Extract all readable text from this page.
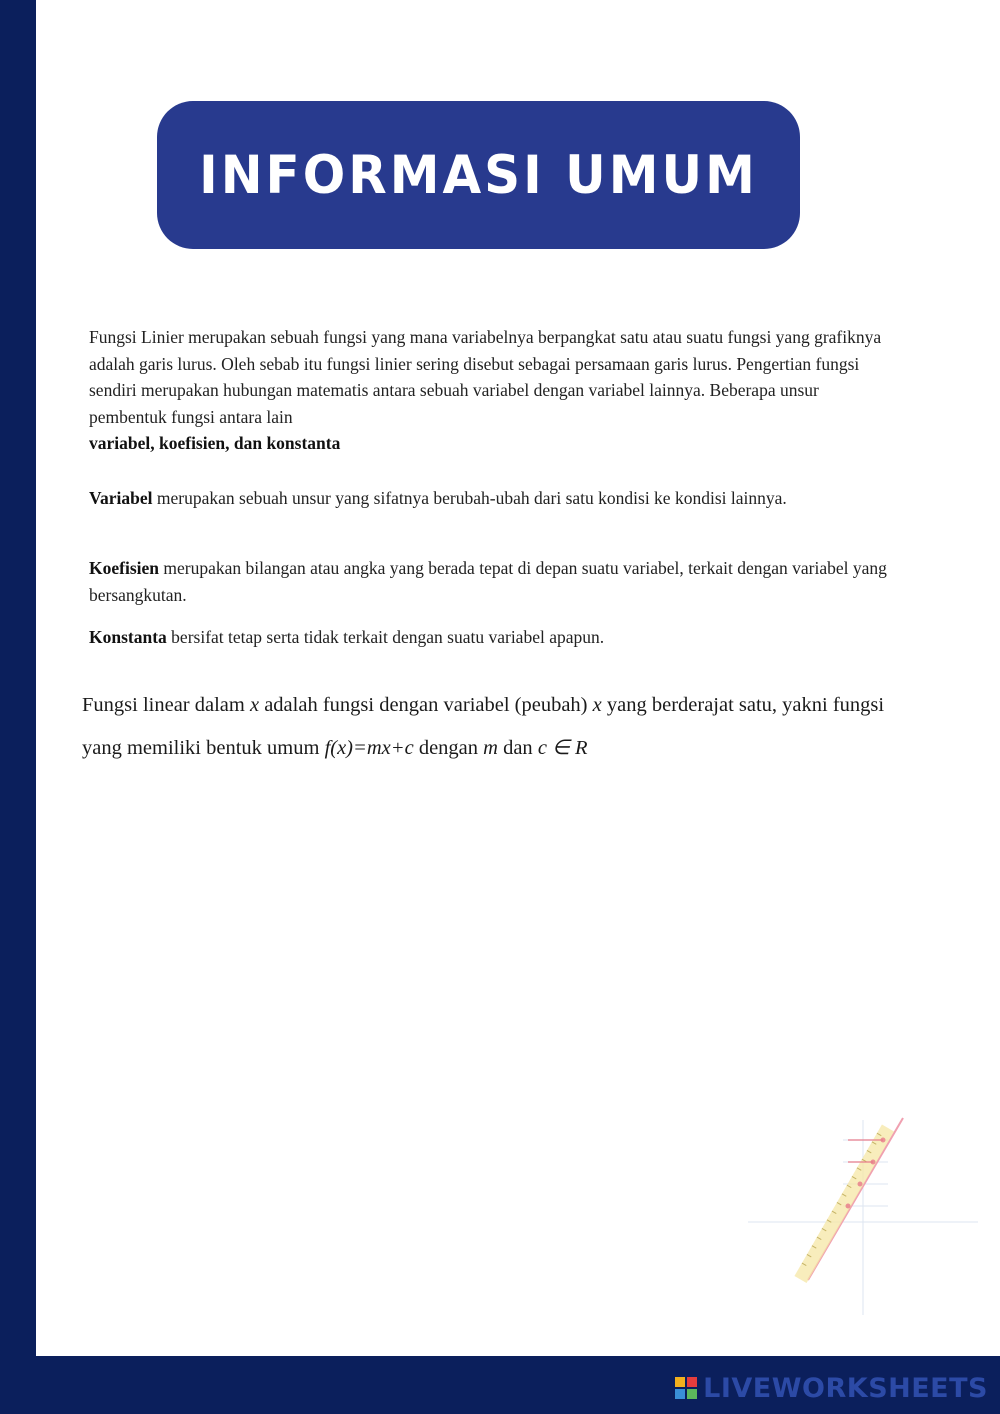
INFORMASI UMUM
Fungsi Linier merupakan sebuah fungsi yang mana variabelnya berpangkat satu atau suatu fungsi yang grafiknya adalah garis lurus. Oleh sebab itu fungsi linier sering disebut sebagai persamaan garis lurus. Pengertian fungsi sendiri merupakan hubungan matematis antara sebuah variabel dengan variabel lainnya. Beberapa unsur pembentuk fungsi antara lain
variabel, koefisien, dan konstanta
Variabel merupakan sebuah unsur yang sifatnya berubah-ubah dari satu kondisi ke kondisi lainnya.
Koefisien merupakan bilangan atau angka yang berada tepat di depan suatu variabel, terkait dengan variabel yang bersangkutan.
Konstanta bersifat tetap serta tidak terkait dengan suatu variabel apapun.
Fungsi linear dalam x adalah fungsi dengan variabel (peubah) x yang berderajat satu, yakni fungsi yang memiliki bentuk umum f(x)=mx+c dengan m dan c ∈ R
LIVEWORKSHEETS
